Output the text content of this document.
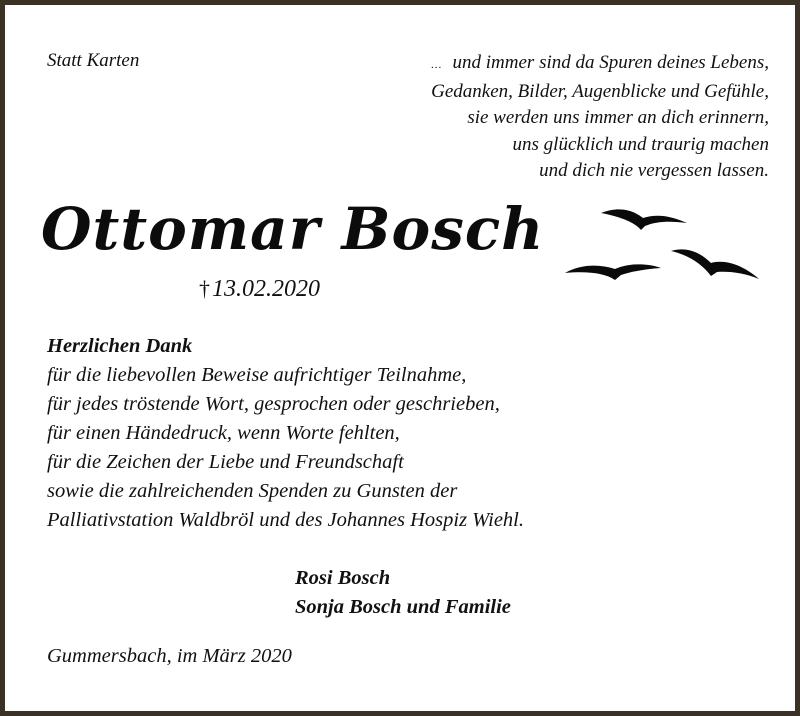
Statt Karten	... und immer sind da Spuren deines Lebens,
Gedanken, Bilder, Augenblicke und Gefühle,
sie werden uns immer an dich erinnern,
uns glücklich und traurig machen
und dich nie vergessen lassen.
Ottomar Bosch
†13.02.2020
Herzlichen Dank
für die liebevollen Beweise aufrichtiger Teilnahme,
für jedes tröstende Wort, gesprochen oder geschrieben,
für einen Händedruck, wenn Worte fehlten,
für die Zeichen der Liebe und Freundschaft
sowie die zahlreichenden Spenden zu Gunsten der
Palliativstation Waldbröl und des Johannes Hospiz Wiehl.
Rosi Bosch
Sonja Bosch und Familie
Gummersbach, im März 2020
